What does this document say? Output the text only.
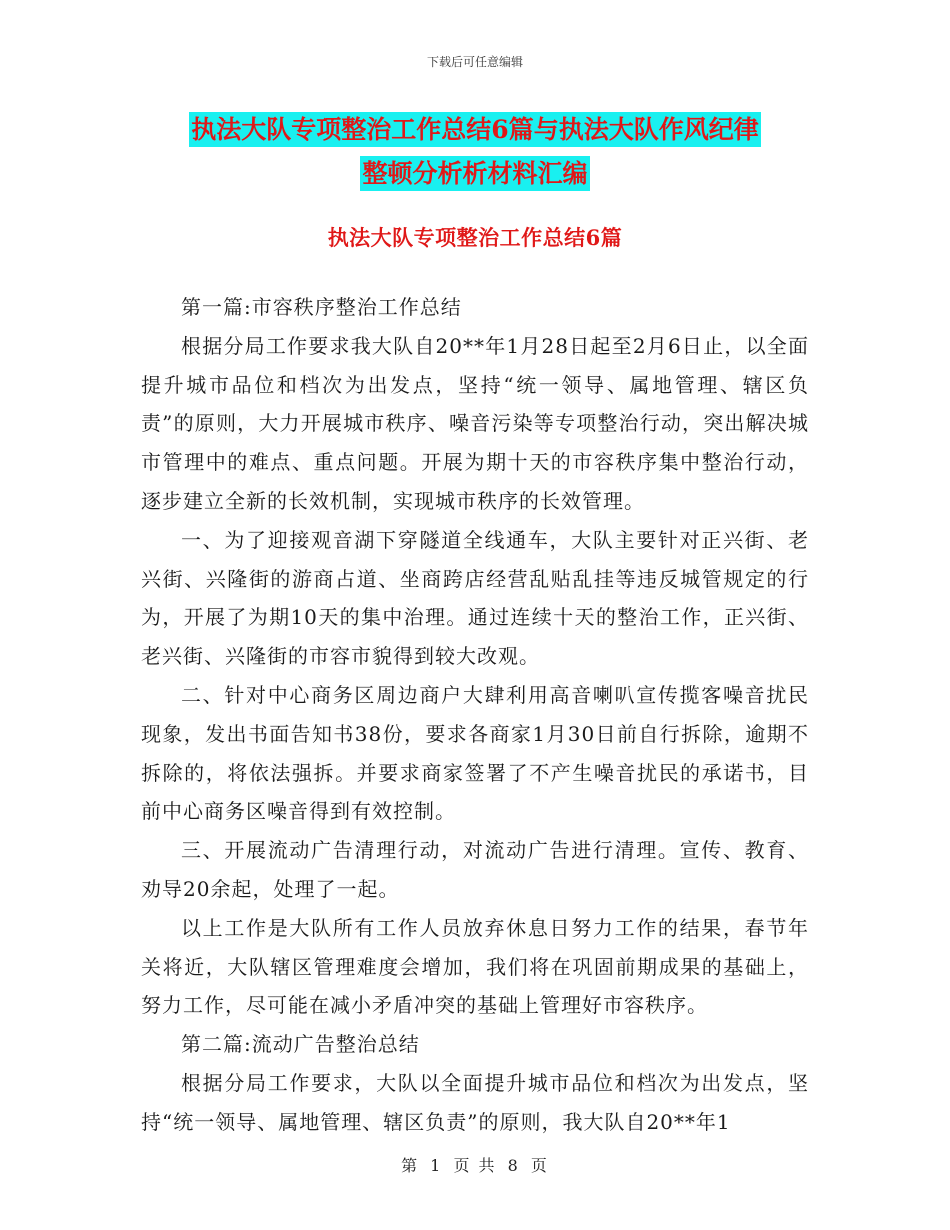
下载后可任意编辑
执法大队专项整治工作总结6篇与执法大队作风纪律
整顿分析析材料汇编
执法大队专项整治工作总结6篇

第一篇:市容秩序整治工作总结

根据分局工作要求我大队自20**年1月28日起至2月6日止，以全面提升城市品位和档次为出发点，坚持“统一领导、属地管理、辖区负责”的原则，大力开展城市秩序、噪音污染等专项整治行动，突出解决城市管理中的难点、重点问题。开展为期十天的市容秩序集中整治行动，逐步建立全新的长效机制，实现城市秩序的长效管理。

一、为了迎接观音湖下穿隧道全线通车，大队主要针对正兴街、老兴街、兴隆街的游商占道、坐商跨店经营乱贴乱挂等违反城管规定的行为，开展了为期10天的集中治理。通过连续十天的整治工作，正兴街、老兴街、兴隆街的市容市貌得到较大改观。

二、针对中心商务区周边商户大肆利用高音喇叭宣传揽客噪音扰民现象，发出书面告知书38份，要求各商家1月30日前自行拆除，逾期不拆除的，将依法强拆。并要求商家签署了不产生噪音扰民的承诺书，目前中心商务区噪音得到有效控制。

三、开展流动广告清理行动，对流动广告进行清理。宣传、教育、劝导20余起，处理了一起。

以上工作是大队所有工作人员放弃休息日努力工作的结果，春节年关将近，大队辖区管理难度会增加，我们将在巩固前期成果的基础上，努力工作，尽可能在减小矛盾冲突的基础上管理好市容秩序。

第二篇:流动广告整治总结

根据分局工作要求，大队以全面提升城市品位和档次为出发点，坚持“统一领导、属地管理、辖区负责”的原则，我大队自20**年1

第 1 页 共 8 页
